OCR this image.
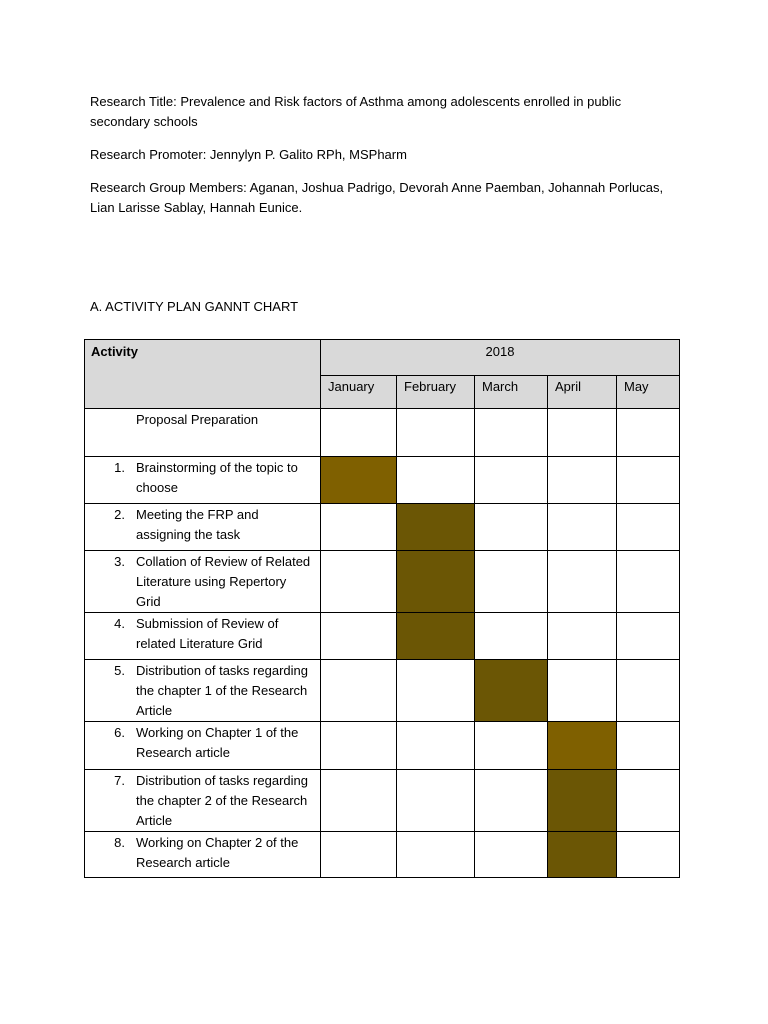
Research Title: Prevalence and Risk factors of Asthma among adolescents enrolled in public secondary schools

Research Promoter: Jennylyn P. Galito RPh, MSPharm

Research Group Members: Aganan, Joshua Padrigo, Devorah Anne Paemban, Johannah Porlucas, Lian Larisse Sablay, Hannah Eunice.

A. ACTIVITY PLAN GANNT CHART

Activity	2018				
	January	February	March	April	May

Proposal Preparation					

1. Brainstorming of the topic to choose					

2. Meeting the FRP and assigning the task					

3. Collation of Review of Related Literature using Repertory Grid					

4. Submission of Review of related Literature Grid					

5. Distribution of tasks regarding the chapter 1 of the Research Article					

6. Working on Chapter 1 of the Research article					

7. Distribution of tasks regarding the chapter 2 of the Research Article					

8. Working on Chapter 2 of the Research article					
